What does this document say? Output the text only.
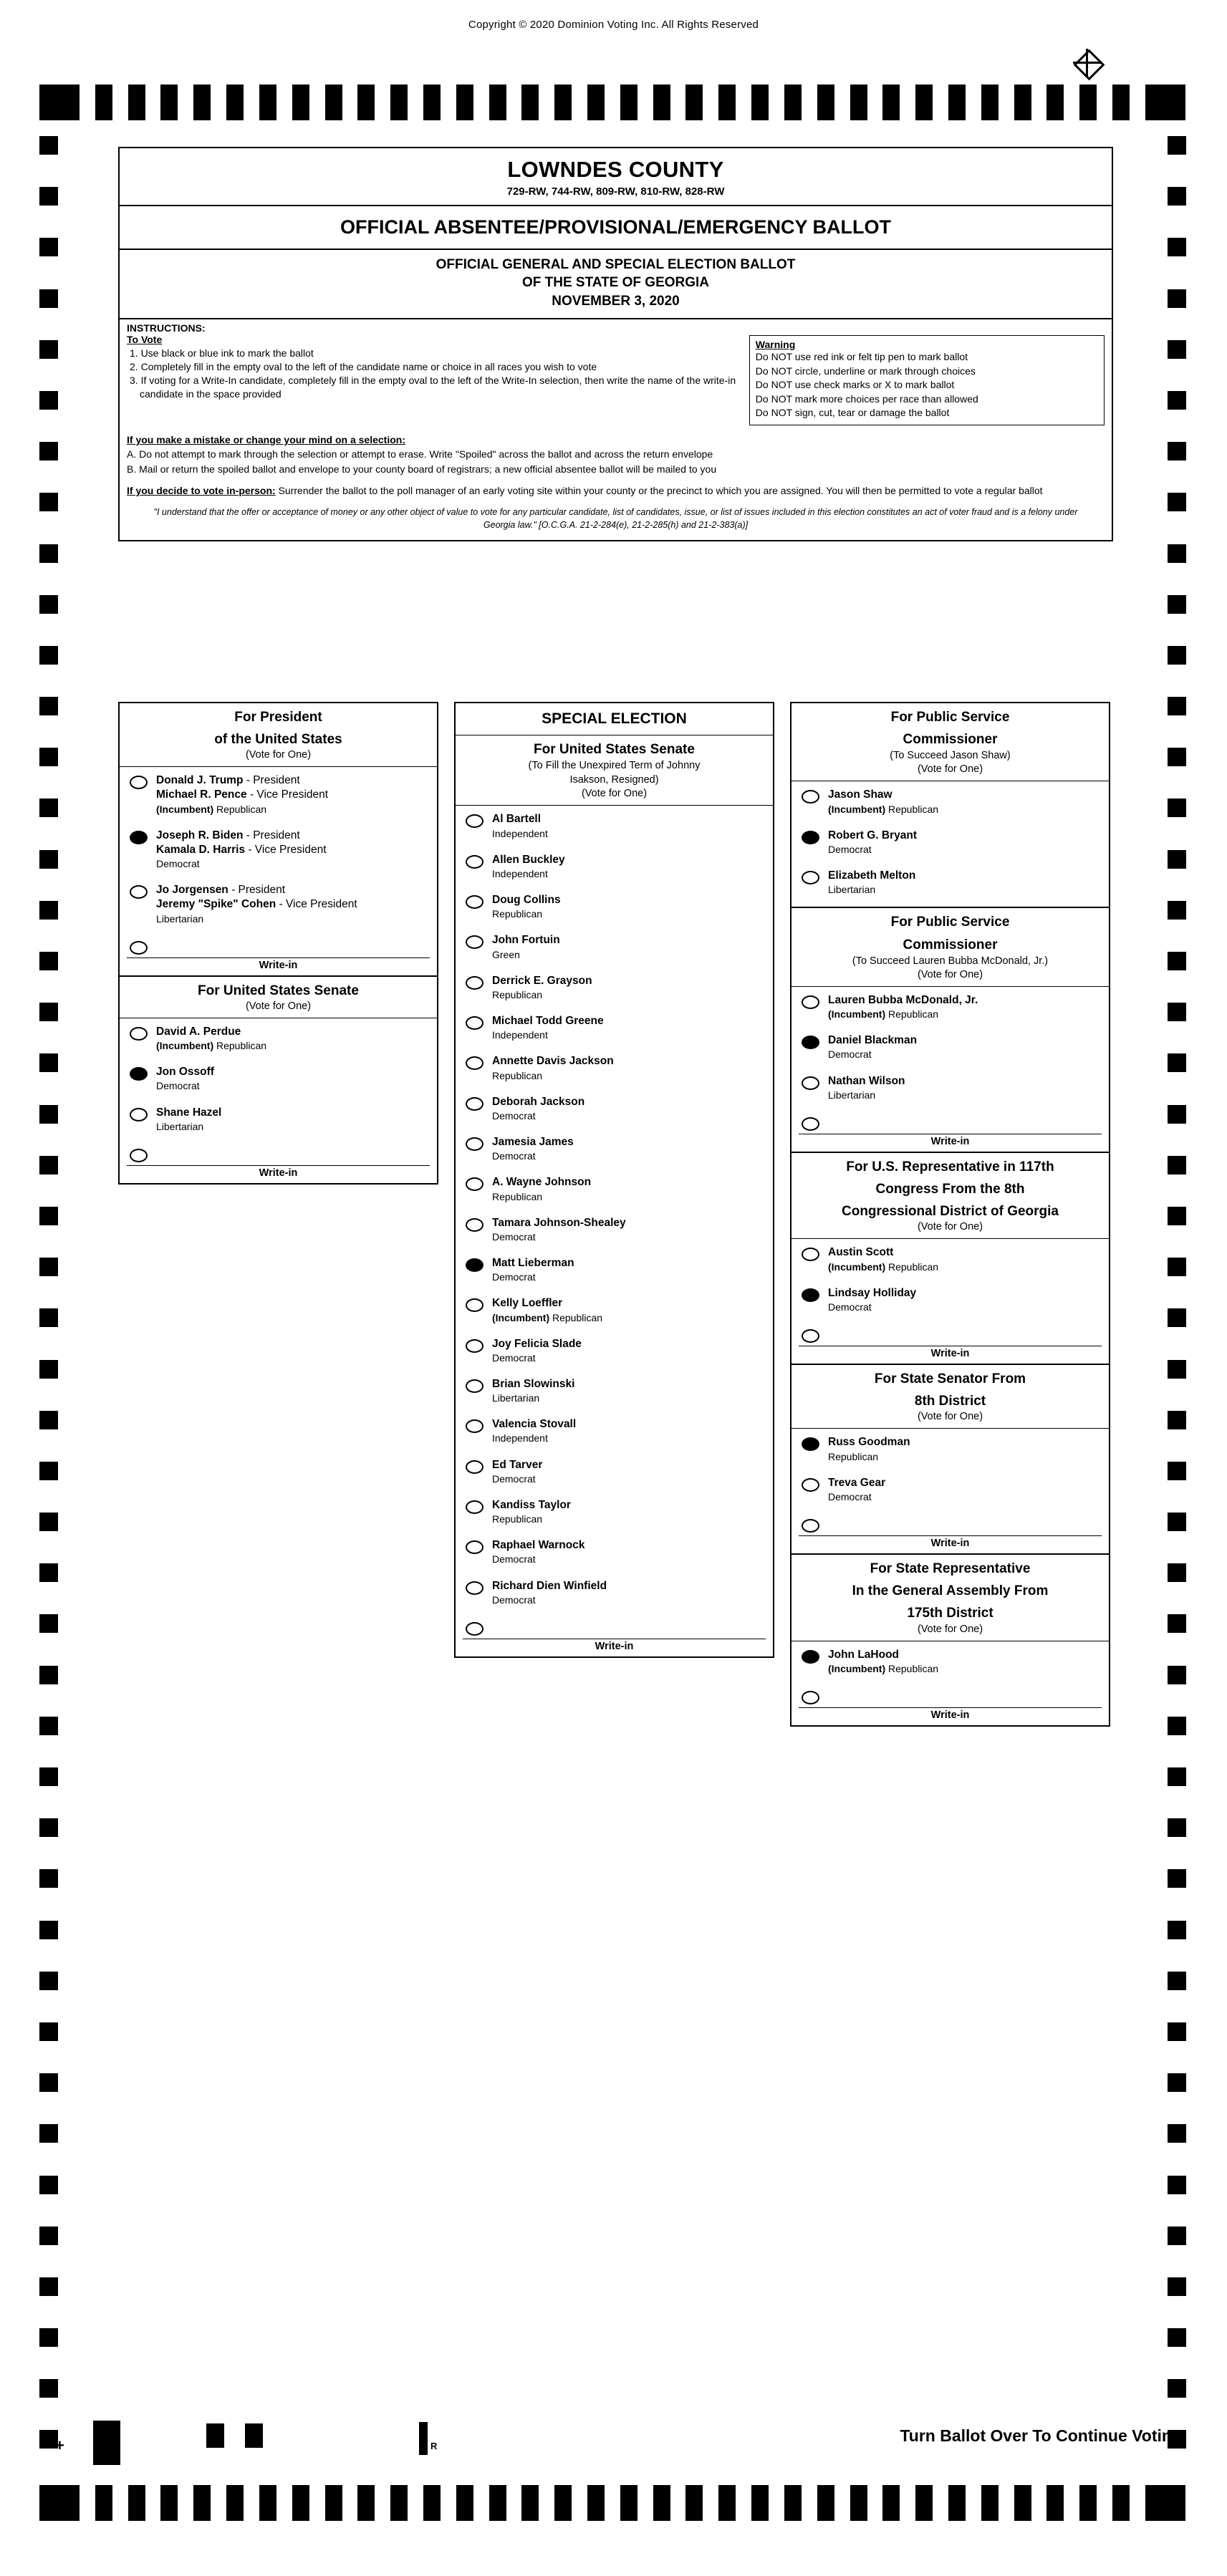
Copyright © 2020 Dominion Voting Inc. All Rights Reserved
+	R
Turn Ballot Over To Continue Voting
LOWNDES COUNTY
729-RW, 744-RW, 809-RW, 810-RW, 828-RW
OFFICIAL ABSENTEE/PROVISIONAL/EMERGENCY BALLOT
OFFICIAL GENERAL AND SPECIAL ELECTION BALLOT
OF THE STATE OF GEORGIA
NOVEMBER 3, 2020
INSTRUCTIONS:
To Vote
1. Use black or blue ink to mark the ballot
2. Completely fill in the empty oval to the left of the candidate name or choice in all races you wish to vote
3. If voting for a Write-In candidate, completely fill in the empty oval to the left of the Write-In selection, then write the name of the write-in candidate in the space provided
Warning
Do NOT use red ink or felt tip pen to mark ballot
Do NOT circle, underline or mark through choices
Do NOT use check marks or X to mark ballot
Do NOT mark more choices per race than allowed
Do NOT sign, cut, tear or damage the ballot
If you make a mistake or change your mind on a selection:
A. Do not attempt to mark through the selection or attempt to erase. Write "Spoiled" across the ballot and across the return envelope
B. Mail or return the spoiled ballot and envelope to your county board of registrars; a new official absentee ballot will be mailed to you
If you decide to vote in-person: Surrender the ballot to the poll manager of an early voting site within your county or the precinct to which you are assigned. You will then be permitted to vote a regular ballot
"I understand that the offer or acceptance of money or any other object of value to vote for any particular candidate, list of candidates, issue, or list of issues included in this election constitutes an act of voter fraud and is a felony under Georgia law." [O.C.G.A. 21-2-284(e), 21-2-285(h) and 21-2-383(a)]
For President
of the United States
(Vote for One)
Donald J. Trump - President
Michael R. Pence - Vice President
(Incumbent) Republican
Joseph R. Biden - President
Kamala D. Harris - Vice President
Democrat
Jo Jorgensen - President
Jeremy "Spike" Cohen - Vice President
Libertarian
Write-in
For United States Senate
(Vote for One)
David A. Perdue
(Incumbent) Republican
Jon Ossoff
Democrat
Shane Hazel
Libertarian
Write-in
SPECIAL ELECTION
For United States Senate
(To Fill the Unexpired Term of Johnny
Isakson, Resigned)
(Vote for One)
Al Bartell
Independent
Allen Buckley
Independent
Doug Collins
Republican
John Fortuin
Green
Derrick E. Grayson
Republican
Michael Todd Greene
Independent
Annette Davis Jackson
Republican
Deborah Jackson
Democrat
Jamesia James
Democrat
A. Wayne Johnson
Republican
Tamara Johnson-Shealey
Democrat
Matt Lieberman
Democrat
Kelly Loeffler
(Incumbent) Republican
Joy Felicia Slade
Democrat
Brian Slowinski
Libertarian
Valencia Stovall
Independent
Ed Tarver
Democrat
Kandiss Taylor
Republican
Raphael Warnock
Democrat
Richard Dien Winfield
Democrat
Write-in
For Public Service
Commissioner
(To Succeed Jason Shaw)
(Vote for One)
Jason Shaw
(Incumbent) Republican
Robert G. Bryant
Democrat
Elizabeth Melton
Libertarian
For Public Service
Commissioner
(To Succeed Lauren Bubba McDonald, Jr.)
(Vote for One)
Lauren Bubba McDonald, Jr.
(Incumbent) Republican
Daniel Blackman
Democrat
Nathan Wilson
Libertarian
Write-in
For U.S. Representative in 117th
Congress From the 8th
Congressional District of Georgia
(Vote for One)
Austin Scott
(Incumbent) Republican
Lindsay Holliday
Democrat
Write-in
For State Senator From
8th District
(Vote for One)
Russ Goodman
Republican
Treva Gear
Democrat
Write-in
For State Representative
In the General Assembly From
175th District
(Vote for One)
John LaHood
(Incumbent) Republican
Write-in
